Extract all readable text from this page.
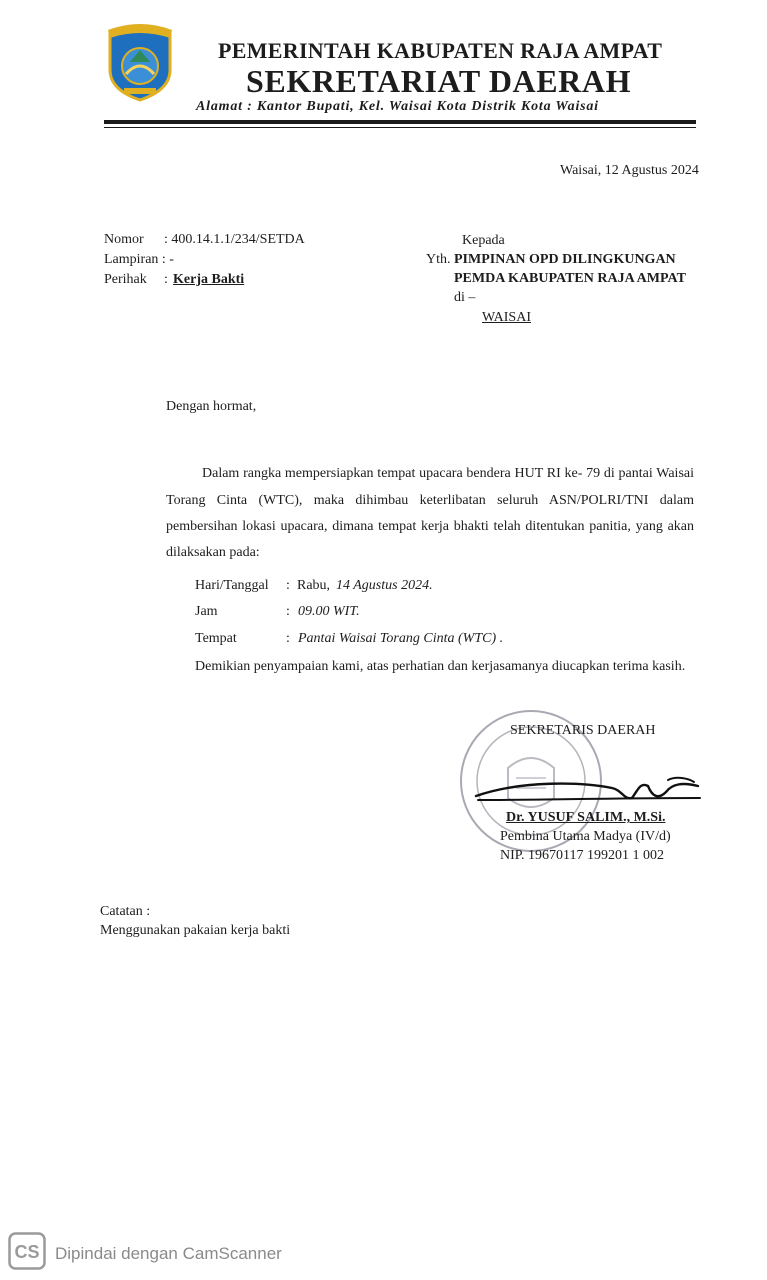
PEMERINTAH KABUPATEN RAJA AMPAT
SEKRETARIAT DAERAH
Alamat : Kantor Bupati, Kel. Waisai Kota Distrik Kota Waisai
Waisai, 12 Agustus 2024
Nomor : 400.14.1.1/234/SETDA
Lampiran : -
Perihak : Kerja Bakti
Kepada
Yth. PIMPINAN OPD DILINGKUNGAN
PEMDA KABUPATEN RAJA AMPAT
di –
WAISAI
Dengan hormat,
Dalam rangka mempersiapkan tempat upacara bendera HUT RI ke- 79 di pantai Waisai
Torang Cinta (WTC), maka dihimbau keterlibatan seluruh ASN/POLRI/TNI dalam
pembersihan lokasi upacara, dimana tempat kerja bhakti telah ditentukan panitia, yang akan
dilaksakan pada:
Hari/Tanggal : Rabu, 14 Agustus 2024.
Jam	: 09.00 WIT.
Tempat	: Pantai Waisai Torang Cinta (WTC) .
Demikian penyampaian kami, atas perhatian dan kerjasamanya diucapkan terima kasih.
SEKRETARIS DAERAH
Dr. YUSUF SALIM., M.Si.
Pembina Utama Madya (IV/d)
NIP. 19670117 199201 1 002
Catatan :
Menggunakan pakaian kerja bakti
CS Dipindai dengan CamScanner
